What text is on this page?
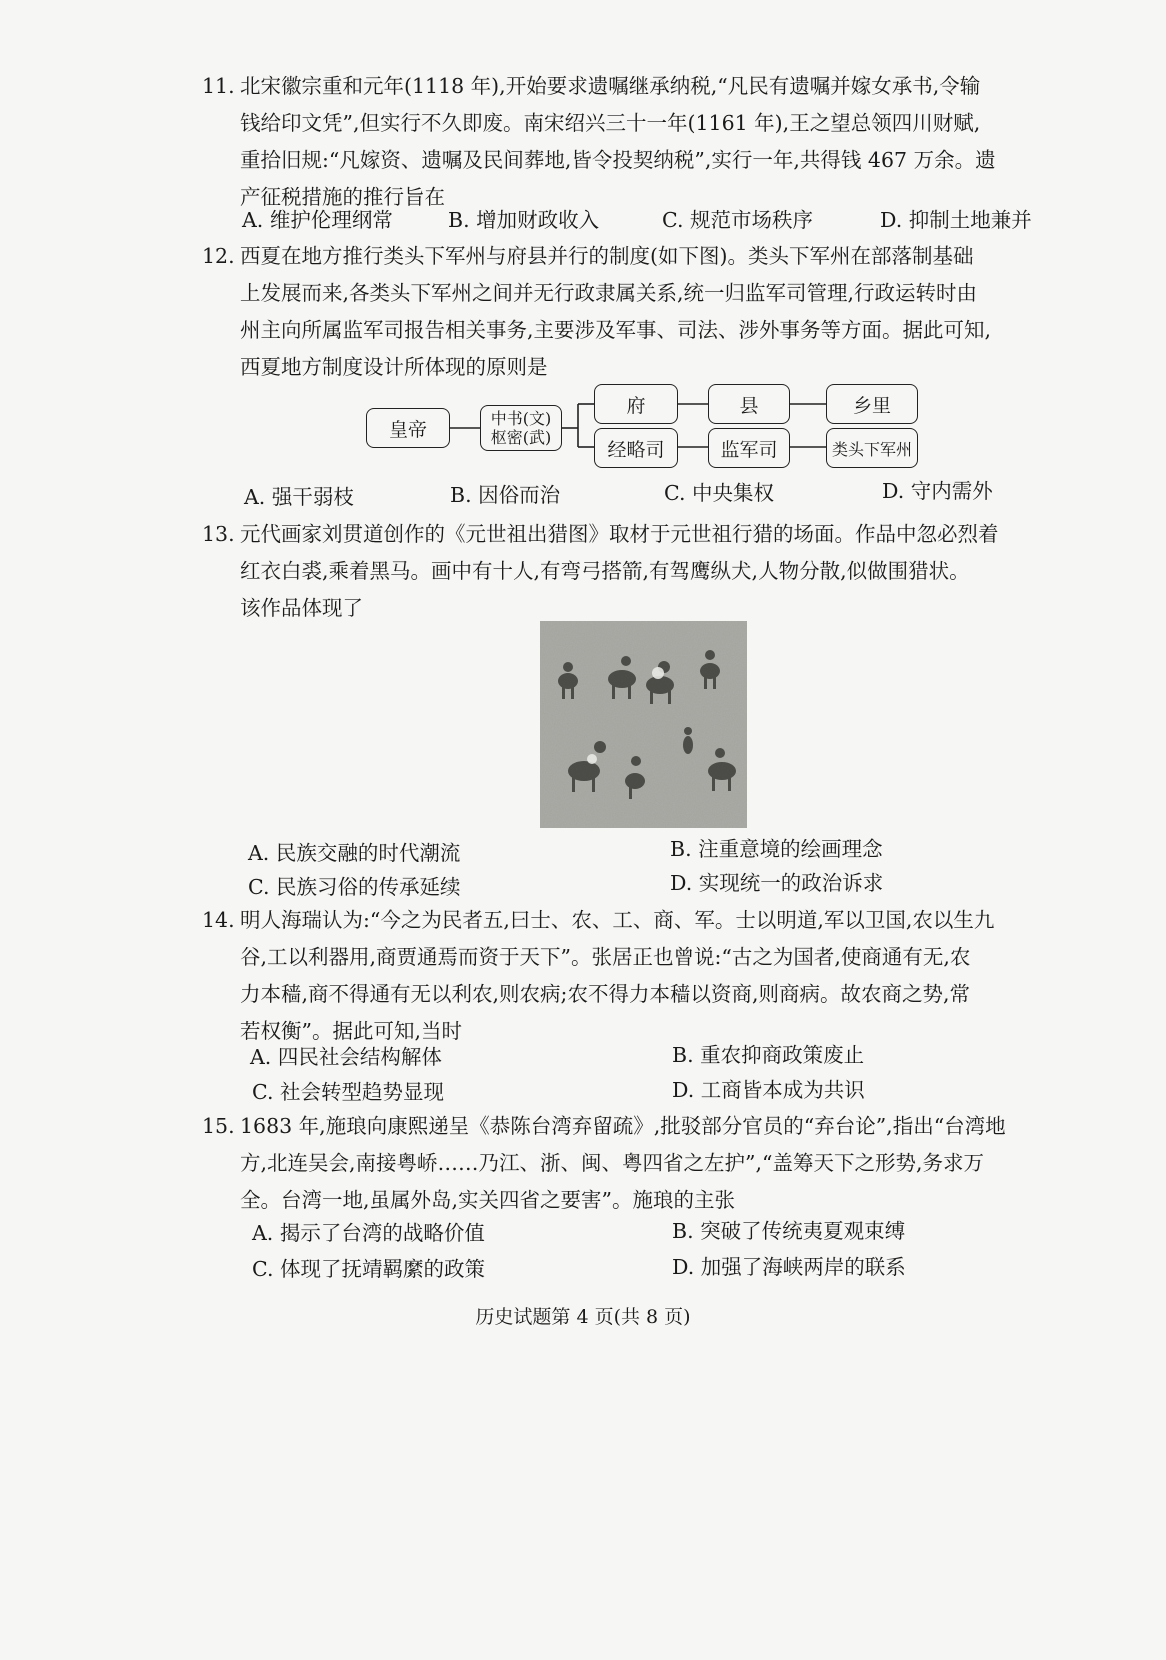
11. 北宋徽宗重和元年(1118 年),开始要求遗嘱继承纳税,“凡民有遗嘱并嫁女承书,令输
钱给印文凭”,但实行不久即废。南宋绍兴三十一年(1161 年),王之望总领四川财赋,
重拾旧规:“凡嫁资、遗嘱及民间葬地,皆令投契纳税”,实行一年,共得钱 467 万余。遗
产征税措施的推行旨在
A. 维护伦理纲常	B. 增加财政收入	C. 规范市场秩序	D. 抑制土地兼并
12. 西夏在地方推行类头下军州与府县并行的制度(如下图)。类头下军州在部落制基础
上发展而来,各类头下军州之间并无行政隶属关系,统一归监军司管理,行政运转时由
州主向所属监军司报告相关事务,主要涉及军事、司法、涉外事务等方面。据此可知,
西夏地方制度设计所体现的原则是
皇帝	中书(文)
枢密(武)
府	县	乡里
经略司	监军司	类头下军州
A. 强干弱枝	B. 因俗而治	C. 中央集权	D. 守内需外
13. 元代画家刘贯道创作的《元世祖出猎图》取材于元世祖行猎的场面。作品中忽必烈着
红衣白裘,乘着黑马。画中有十人,有弯弓搭箭,有驾鹰纵犬,人物分散,似做围猎状。
该作品体现了
A. 民族交融的时代潮流	B. 注重意境的绘画理念
C. 民族习俗的传承延续	D. 实现统一的政治诉求
14. 明人海瑞认为:“今之为民者五,曰士、农、工、商、军。士以明道,军以卫国,农以生九
谷,工以利器用,商贾通焉而资于天下”。张居正也曾说:“古之为国者,使商通有无,农
力本穑,商不得通有无以利农,则农病;农不得力本穑以资商,则商病。故农商之势,常
若权衡”。据此可知,当时
A. 四民社会结构解体	B. 重农抑商政策废止
C. 社会转型趋势显现	D. 工商皆本成为共识
15. 1683 年,施琅向康熙递呈《恭陈台湾弃留疏》,批驳部分官员的“弃台论”,指出“台湾地
方,北连吴会,南接粤峤……乃江、浙、闽、粤四省之左护”,“盖筹天下之形势,务求万
全。台湾一地,虽属外岛,实关四省之要害”。施琅的主张
A. 揭示了台湾的战略价值	B. 突破了传统夷夏观束缚
C. 体现了抚靖羁縻的政策	D. 加强了海峡两岸的联系
历史试题第 4 页(共 8 页)
